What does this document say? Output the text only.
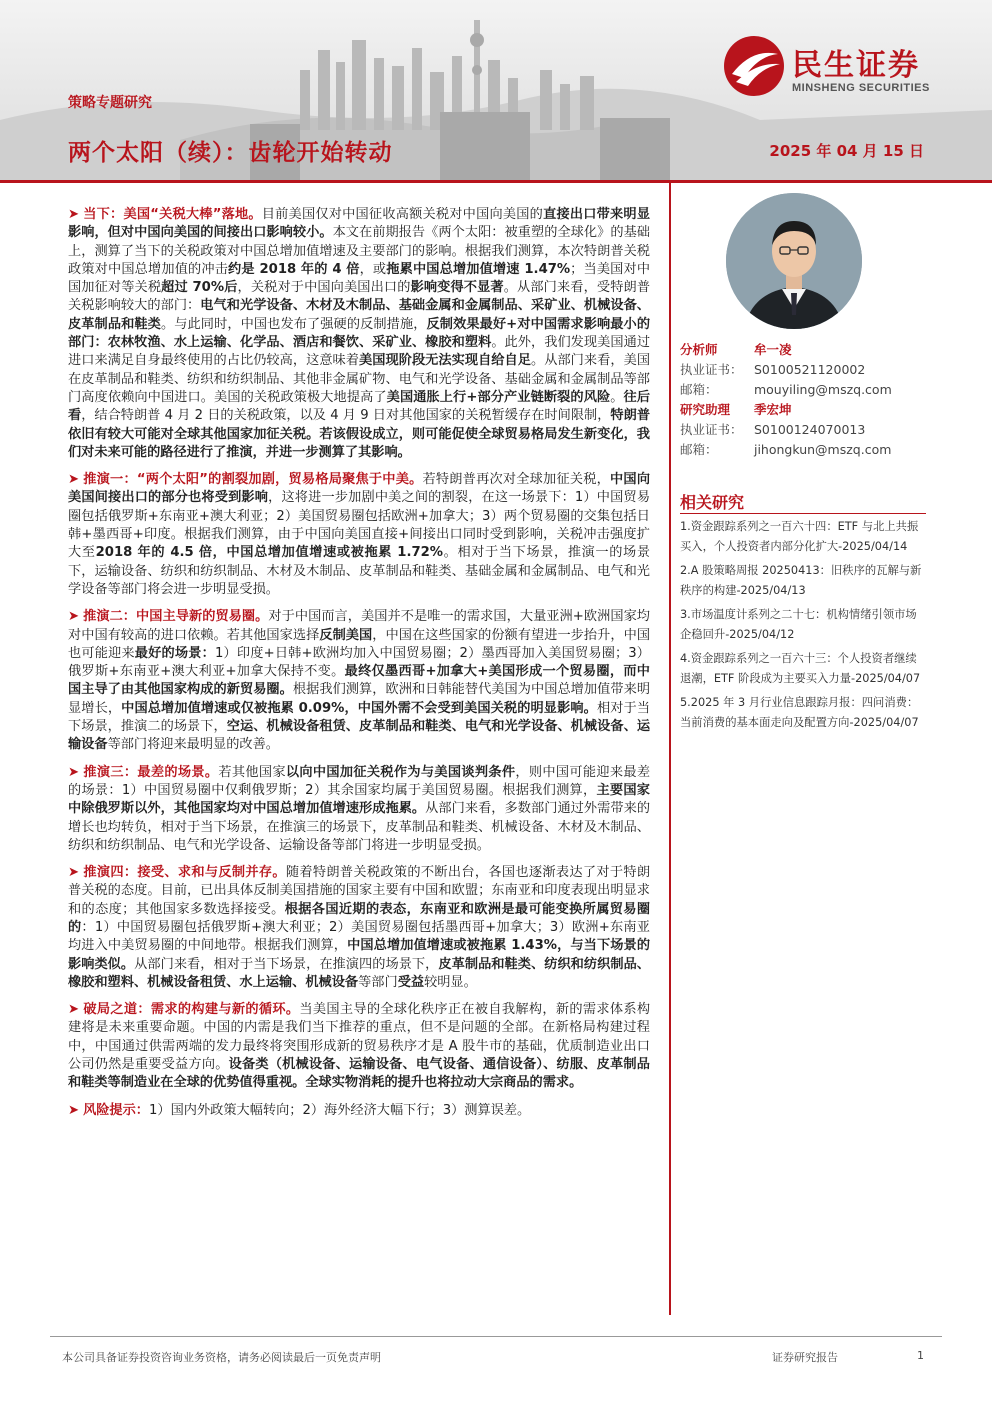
民生证券
MINSHENG SECURITIES
策略专题研究
两个太阳（续）：齿轮开始转动	2025 年 04 月 15 日

➤ 当下：美国“关税大棒”落地。目前美国仅对中国征收高额关税对中国向美国的直接出口带来明显影响，但对中国向美国的间接出口影响较小。本文在前期报告《两个太阳：被重塑的全球化》的基础上，测算了当下的关税政策对中国总增加值增速及主要部门的影响。根据我们测算，本次特朗普关税政策对中国总增加值的冲击约是 2018 年的 4 倍，或拖累中国总增加值增速 1.47%；当美国对中国加征对等关税超过 70%后，关税对于中国向美国出口的影响变得不显著。从部门来看，受特朗普关税影响较大的部门：电气和光学设备、木材及木制品、基础金属和金属制品、采矿业、机械设备、皮革制品和鞋类。与此同时，中国也发布了强硬的反制措施，反制效果最好+对中国需求影响最小的部门：农林牧渔、水上运输、化学品、酒店和餐饮、采矿业、橡胶和塑料。此外，我们发现美国通过进口来满足自身最终使用的占比仍较高，这意味着美国现阶段无法实现自给自足。从部门来看，美国在皮革制品和鞋类、纺织和纺织制品、其他非金属矿物、电气和光学设备、基础金属和金属制品等部门高度依赖向中国进口。美国的关税政策极大地提高了美国通胀上行+部分产业链断裂的风险。往后看，结合特朗普 4 月 2 日的关税政策，以及 4 月 9 日对其他国家的关税暂缓存在时间限制，特朗普依旧有较大可能对全球其他国家加征关税。若该假设成立，则可能促使全球贸易格局发生新变化，我们对未来可能的路径进行了推演，并进一步测算了其影响。

➤ 推演一：“两个太阳”的割裂加剧，贸易格局聚焦于中美。若特朗普再次对全球加征关税，中国向美国间接出口的部分也将受到影响，这将进一步加剧中美之间的割裂，在这一场景下：1）中国贸易圈包括俄罗斯+东南亚+澳大利亚；2）美国贸易圈包括欧洲+加拿大；3）两个贸易圈的交集包括日韩+墨西哥+印度。根据我们测算，由于中国向美国直接+间接出口同时受到影响，关税冲击强度扩大至2018 年的 4.5 倍，中国总增加值增速或被拖累 1.72%。相对于当下场景，推演一的场景下，运输设备、纺织和纺织制品、木材及木制品、皮革制品和鞋类、基础金属和金属制品、电气和光学设备等部门将会进一步明显受损。

➤ 推演二：中国主导新的贸易圈。对于中国而言，美国并不是唯一的需求国，大量亚洲+欧洲国家均对中国有较高的进口依赖。若其他国家选择反制美国，中国在这些国家的份额有望进一步抬升，中国也可能迎来最好的场景：1）印度+日韩+欧洲均加入中国贸易圈；2）墨西哥加入美国贸易圈；3）俄罗斯+东南亚+澳大利亚+加拿大保持不变。最终仅墨西哥+加拿大+美国形成一个贸易圈，而中国主导了由其他国家构成的新贸易圈。根据我们测算，欧洲和日韩能替代美国为中国总增加值带来明显增长，中国总增加值增速或仅被拖累 0.09%，中国外需不会受到美国关税的明显影响。相对于当下场景，推演二的场景下，空运、机械设备租赁、皮革制品和鞋类、电气和光学设备、机械设备、运输设备等部门将迎来最明显的改善。

➤ 推演三：最差的场景。若其他国家以向中国加征关税作为与美国谈判条件，则中国可能迎来最差的场景：1）中国贸易圈中仅剩俄罗斯；2）其余国家均属于美国贸易圈。根据我们测算，主要国家中除俄罗斯以外，其他国家均对中国总增加值增速形成拖累。从部门来看，多数部门通过外需带来的增长也均转负，相对于当下场景，在推演三的场景下，皮革制品和鞋类、机械设备、木材及木制品、纺织和纺织制品、电气和光学设备、运输设备等部门将进一步明显受损。

➤ 推演四：接受、求和与反制并存。随着特朗普关税政策的不断出台，各国也逐渐表达了对于特朗普关税的态度。目前，已出具体反制美国措施的国家主要有中国和欧盟；东南亚和印度表现出明显求和的态度；其他国家多数选择接受。根据各国近期的表态，东南亚和欧洲是最可能变换所属贸易圈的：1）中国贸易圈包括俄罗斯+澳大利亚；2）美国贸易圈包括墨西哥+加拿大；3）欧洲+东南亚均进入中美贸易圈的中间地带。根据我们测算，中国总增加值增速或被拖累 1.43%，与当下场景的影响类似。从部门来看，相对于当下场景，在推演四的场景下，皮革制品和鞋类、纺织和纺织制品、橡胶和塑料、机械设备租赁、水上运输、机械设备等部门受益较明显。

➤ 破局之道：需求的构建与新的循环。当美国主导的全球化秩序正在被自我解构，新的需求体系构建将是未来重要命题。中国的内需是我们当下推荐的重点，但不是问题的全部。在新格局构建过程中，中国通过供需两端的发力最终将突围形成新的贸易秩序才是 A 股牛市的基础，优质制造业出口公司仍然是重要受益方向。设备类（机械设备、运输设备、电气设备、通信设备）、纺服、皮革制品和鞋类等制造业在全球的优势值得重视。全球实物消耗的提升也将拉动大宗商品的需求。

➤ 风险提示：1）国内外政策大幅转向；2）海外经济大幅下行；3）测算误差。

分析师	牟一凌
执业证书： S0100521120002
邮箱：	mouyiling@mszq.com
研究助理 季宏坤
执业证书： S0100124070013
邮箱：	jihongkun@mszq.com
相关研究
1.资金跟踪系列之一百六十四：ETF 与北上共振买入，个人投资者内部分化扩大-2025/04/14
2.A 股策略周报 20250413：旧秩序的瓦解与新秩序的构建-2025/04/13
3.市场温度计系列之二十七：机构情绪引领市场企稳回升-2025/04/12
4.资金跟踪系列之一百六十三：个人投资者继续退潮，ETF 阶段成为主要买入力量-2025/04/07
5.2025 年 3 月行业信息跟踪月报：四问消费：当前消费的基本面走向及配置方向-2025/04/07
本公司具备证券投资咨询业务资格，请务必阅读最后一页免责声明	证券研究报告	1
